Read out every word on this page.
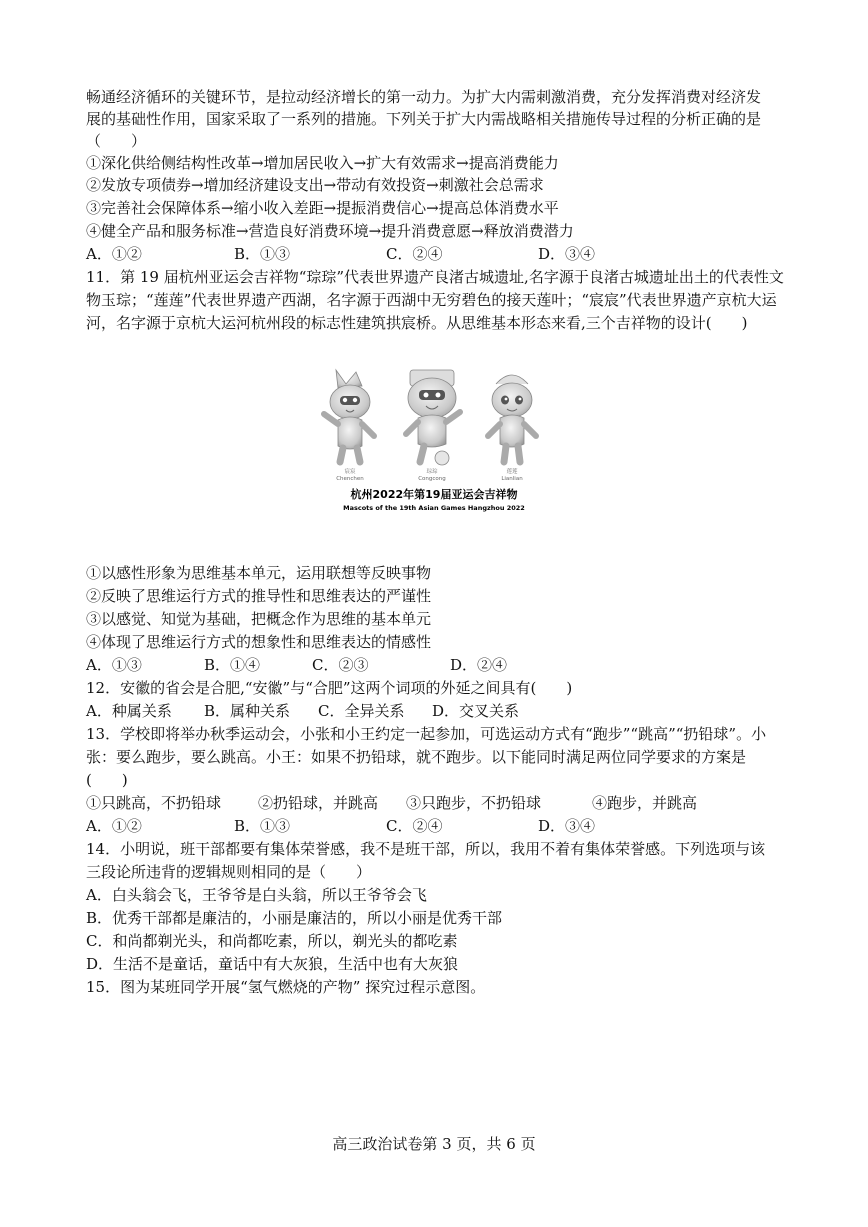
畅通经济循环的关键环节，是拉动经济增长的第一动力。为扩大内需刺激消费，充分发挥消费对经济发
展的基础性作用，国家采取了一系列的措施。下列关于扩大内需战略相关措施传导过程的分析正确的是
（　　）
①深化供给侧结构性改革→增加居民收入→扩大有效需求→提高消费能力
②发放专项债券→增加经济建设支出→带动有效投资→刺激社会总需求
③完善社会保障体系→缩小收入差距→提振消费信心→提高总体消费水平
④健全产品和服务标准→营造良好消费环境→提升消费意愿→释放消费潜力
A．①②	B．①③	C．②④	D．③④
11．第 19 届杭州亚运会吉祥物“琮琮”代表世界遗产良渚古城遗址,名字源于良渚古城遗址出土的代表性文
物玉琮；“莲莲”代表世界遗产西湖，名字源于西湖中无穷碧色的接天莲叶；“宸宸”代表世界遗产京杭大运
河，名字源于京杭大运河杭州段的标志性建筑拱宸桥。从思维基本形态来看,三个吉祥物的设计(　　)
宸宸
Chenchen
琮琮
Congcong
莲莲
Lianlian
杭州2022年第19届亚运会吉祥物
Mascots of the 19th Asian Games Hangzhou 2022
①以感性形象为思维基本单元，运用联想等反映事物
②反映了思维运行方式的推导性和思维表达的严谨性
③以感觉、知觉为基础，把概念作为思维的基本单元
④体现了思维运行方式的想象性和思维表达的情感性
A．①③	B．①④	C．②③	D．②④
12．安徽的省会是合肥,“安徽”与“合肥”这两个词项的外延之间具有(　　)
A．种属关系 B．属种关系 C．全异关系 D．交叉关系
13．学校即将举办秋季运动会，小张和小王约定一起参加，可选运动方式有“跑步”“跳高”“扔铅球”。小
张：要么跑步，要么跳高。小王：如果不扔铅球，就不跑步。以下能同时满足两位同学要求的方案是
(　　)
①只跳高，不扔铅球 ②扔铅球，并跳高 ③只跑步，不扔铅球	④跑步，并跳高
A．①②	B．①③	C．②④	D．③④
14．小明说，班干部都要有集体荣誉感，我不是班干部，所以，我用不着有集体荣誉感。下列选项与该
三段论所违背的逻辑规则相同的是（　　）
A．白头翁会飞，王爷爷是白头翁，所以王爷爷会飞
B．优秀干部都是廉洁的，小丽是廉洁的，所以小丽是优秀干部
C．和尚都剃光头，和尚都吃素，所以，剃光头的都吃素
D．生活不是童话，童话中有大灰狼，生活中也有大灰狼
15．图为某班同学开展“氢气燃烧的产物” 探究过程示意图。
高三政治试卷第 3 页，共 6 页
